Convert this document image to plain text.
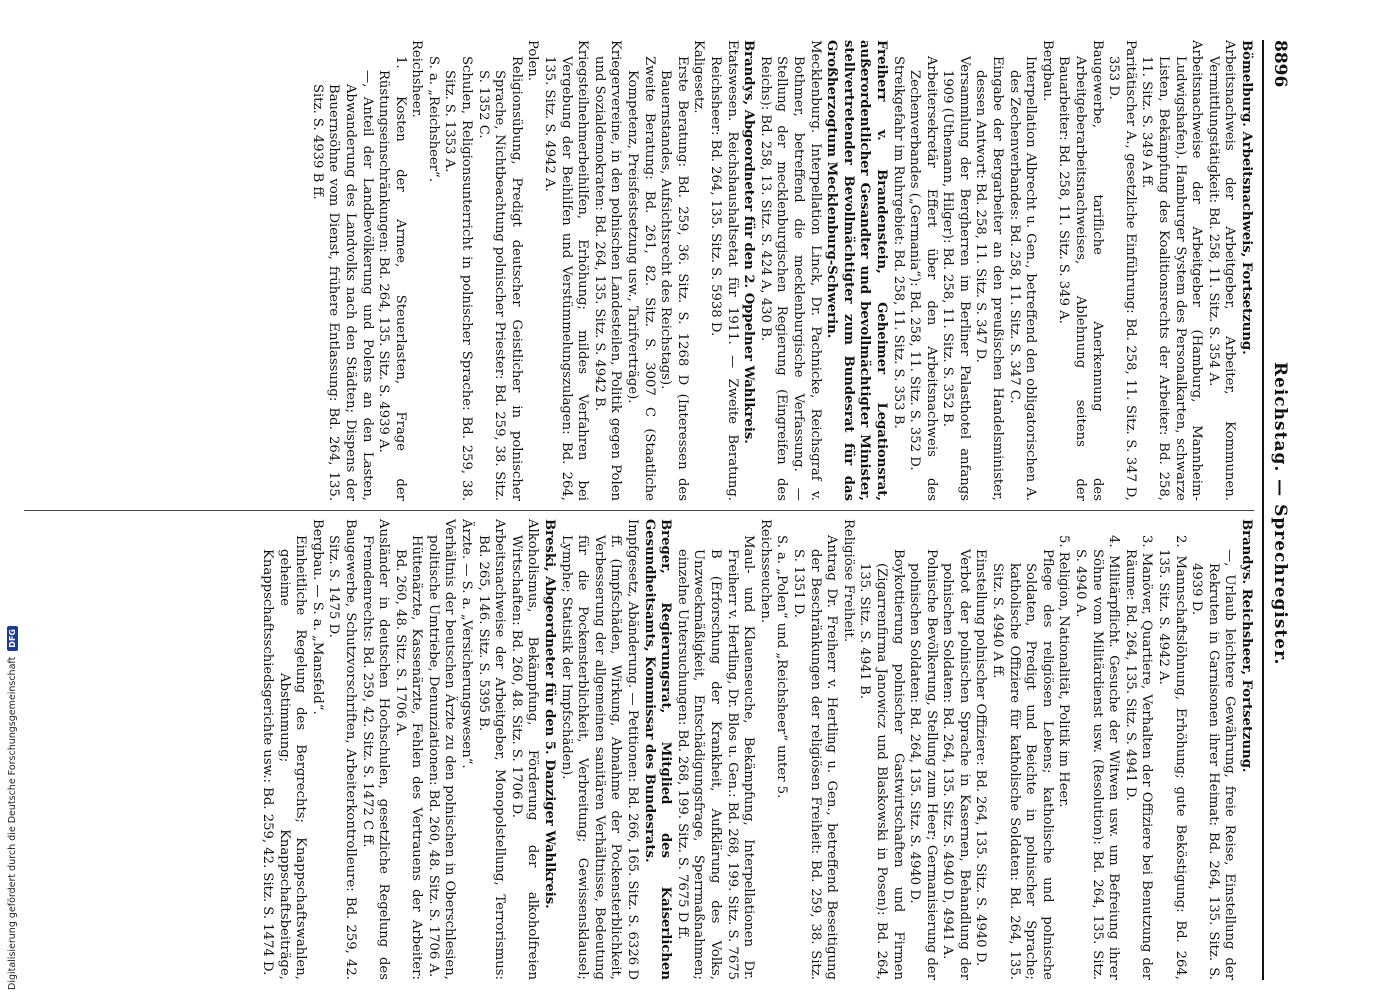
8896
Reichstag. — Sprechregister.

Bömelburg. Arbeitsnachweis, Fortsetzung.

Arbeitsnachweis der Arbeitgeber, Arbeiter, Kommunen. Vermittlungstätigkeit: Bd. 258, 11. Sitz. S. 354 A.

Arbeitsnachweise der Arbeitgeber (Hamburg, Mannheim-Ludwigshafen). Hamburger System des Personalkarten, schwarze Listen, Bekämpfung des Koalitionsrechts der Arbeiter: Bd. 258, 11. Sitz. S. 349 A ff.

Paritätischer A., gesetzliche Einführung: Bd. 258, 11. Sitz. S. 347 D, 353 D.

Baugewerbe, tarifliche Anerkennung des Arbeitgeberarbeitsnachweises, Ablehnung seitens der Bauarbeiter: Bd. 258, 11. Sitz. S. 349 A.

Bergbau.

Interpellation Albrecht u. Gen., betreffend den obligatorischen A. des Zechenverbandes: Bd. 258, 11. Sitz. S. 347 C.

Eingabe der Bergarbeiter an den preußischen Handelsminister, dessen Antwort: Bd. 258, 11. Sitz. S. 347 D.

Versammlung der Bergherren im Berliner Palasthotel anfangs 1909 (Uthemann, Hilger): Bd. 258, 11. Sitz. S. 352 B.

Arbeitersekretär Effert über den Arbeitsnachweis des Zechenverbandes („Germania“): Bd. 258, 11. Sitz. S. 352 D.

Streikgefahr im Ruhrgebiet: Bd. 258, 11. Sitz. S. 353 B.

Freiherr v. Brandenstein, Geheimer Legationsrat, außerordentlicher Gesandter und bevollmächtigter Minister, stellvertretender Bevollmächtigter zum Bundesrat für das Großherzogtum Mecklenburg-Schwerin.

Mecklenburg. Interpellation Linck, Dr. Pachnicke, Reichsgraf v. Bothmer, betreffend die mecklenburgische Verfassung. — Stellung der mecklenburgischen Regierung (Eingreifen des Reichs): Bd. 258, 13. Sitz. S. 424 A, 430 B.

Brandys, Abgeordneter für den 2. Oppelner Wahlkreis.

Etatswesen. Reichshaushaltsetat für 1911. — Zweite Beratung. Reichsheer: Bd. 264, 135. Sitz. S. 5938 D.

Kaligesetz.

Erste Beratung: Bd. 259, 36. Sitz. S. 1268 D (Interessen des Bauernstandes, Aufsichtsrecht des Reichstags).

Zweite Beratung: Bd. 261, 82. Sitz. S. 3007 C (Staatliche Kompetenz, Preisfestsetzung usw., Tarifverträge).

Kriegervereine, in den polnischen Landesteilen, Politik gegen Polen und Sozialdemokraten: Bd. 264, 135. Sitz. S. 4942 B.

Kriegsteilnehmerbeihilfen, Erhöhung; mildes Verfahren bei Vergebung der Beihilfen und Verstümmelungszulagen: Bd. 264, 135. Sitz. S. 4942 A.

Polen.

Religionsübung, Predigt deutscher Geistlicher in polnischer Sprache, Nichtbeachtung polnischer Priester: Bd. 259, 38. Sitz. S. 1352 C.

Schulen, Religionsunterricht in polnischer Sprache: Bd. 259, 38. Sitz. S. 1353 A.

S. a. „Reichsheer“.

Reichsheer.

1. Kosten der Armee, Steuerlasten, Frage der Rüstungseinschränkungen: Bd. 264, 135. Sitz. S. 4939 A.

—, Anteil der Landbevölkerung und Polens an den Lasten, Abwanderung des Landvolks nach den Städten; Dispens der Bauernsöhne vom Dienst, frühere Entlassung: Bd. 264, 135. Sitz. S. 4939 B ff.

Brandys. Reichsheer, Fortsetzung.

—, Urlaub leichtere Gewährung, freie Reise, Einstellung der Rekruten in Garnisonen ihrer Heimat: Bd. 264, 135. Sitz. S. 4939 D.

2. Mannschaftslöhnung, Erhöhung; gute Beköstigung: Bd. 264, 135. Sitz. S. 4942 A.

3. Manöver, Quartiere, Verhalten der Offiziere bei Benutzung der Räume: Bd. 264, 135. Sitz. S. 4941 D.

4. Militärpflicht. Gesuche der Witwen usw. um Befreiung ihrer Söhne vom Militärdienst usw. (Resolution): Bd. 264, 135. Sitz. S. 4940 A.

5. Religion, Nationalität, Politik im Heer.

Pflege des religiösen Lebens; katholische und polnische Soldaten, Predigt und Beichte in polnischer Sprache; katholische Offiziere für katholische Soldaten: Bd. 264, 135. Sitz. S. 4940 A ff.

Einstellung polnischer Offiziere: Bd. 264, 135. Sitz. S. 4940 D.

Verbot der polnischen Sprache in Kasernen, Behandlung der polnischen Soldaten: Bd. 264, 135. Sitz. S. 4940 D, 4941 A.

Polnische Bevölkerung, Stellung zum Heer; Germanisierung der polnischen Soldaten: Bd. 264, 135. Sitz. S. 4940 D.

Boykottierung polnischer Gastwirtschaften und Firmen (Zigarrenfirma Janowicz und Blaskowski in Posen): Bd. 264, 135. Sitz. S. 4941 B.

Religiöse Freiheit.

Antrag Dr. Freiherr v. Hertling u. Gen., betreffend Beseitigung der Beschränkungen der religiösen Freiheit: Bd. 259, 38. Sitz. S. 1351 D.

S. a. „Polen“ und „Reichsheer“ unter 5.

Reichsseuchen.

Maul- und Klauenseuche, Bekämpfung, Interpellationen Dr. Freiherr v. Hertling, Dr. Blos u. Gen.: Bd. 268, 199. Sitz. S. 7675 B (Erforschung der Krankheit, Aufklärung des Volks, Unzweckmäßigkeit, Entschädigungsfrage, Sperrmaßnahmen; einzelne Untersuchungen: Bd. 268, 199. Sitz. S. 7675 D ff.

Breger, Regierungsrat, Mitglied des Kaiserlichen Gesundheitsamts, Kommissar des Bundesrats.

Impfgesetz, Abänderung. — Petitionen: Bd. 266, 165. Sitz. S. 6326 D ff. (Impfschäden, Wirkung, Abnahme der Pockensterblichkeit, Verbesserung der allgemeinen sanitären Verhältnisse, Bedeutung für die Pockensterblichkeit, Verbreitung; Gewissensklausel; Lymphe; Statistik der Impfschäden).

Breski, Abgeordneter für den 5. Danziger Wahlkreis.

Alkoholismus, Bekämpfung, Förderung der alkoholfreien Wirtschaften: Bd. 260, 48. Sitz. S. 1706 D.

Arbeitsnachweise der Arbeitgeber, Monopolstellung, Terrorismus: Bd. 265, 146. Sitz. S. 5395 B.

Ärzte. — S. a. „Versicherungswesen“.

Verhältnis der beutschen Ärzte zu den polnischen in Oberschlesien, politische Umtriebe, Denunziationen: Bd. 260, 48. Sitz. S. 1706 A.

Hüttenärzte, Kassenärzte, Fehlen des Vertrauens der Arbeiter: Bd. 260, 48. Sitz. S. 1706 A.

Ausländer in deutschen Hochschulen, gesetzliche Regelung des Fremdenrechts: Bd. 259, 42. Sitz. S. 1472 C ff.

Baugewerbe, Schutzvorschriften, Arbeiterkontrolleure: Bd. 259, 42. Sitz. S. 1475 D.

Bergbau. — S. a. „Mansfeld“.

Einheitliche Regelung des Bergrechts; Knappschaftswahlen, geheime Abstimmung; Knappschaftsbeiträge, Knappschaftsschiedsgerichte usw.: Bd. 259, 42. Sitz. S. 1474 D.

Digitalisierung gefördert durch die Deutsche Forschungsgemeinschaft
DFG
